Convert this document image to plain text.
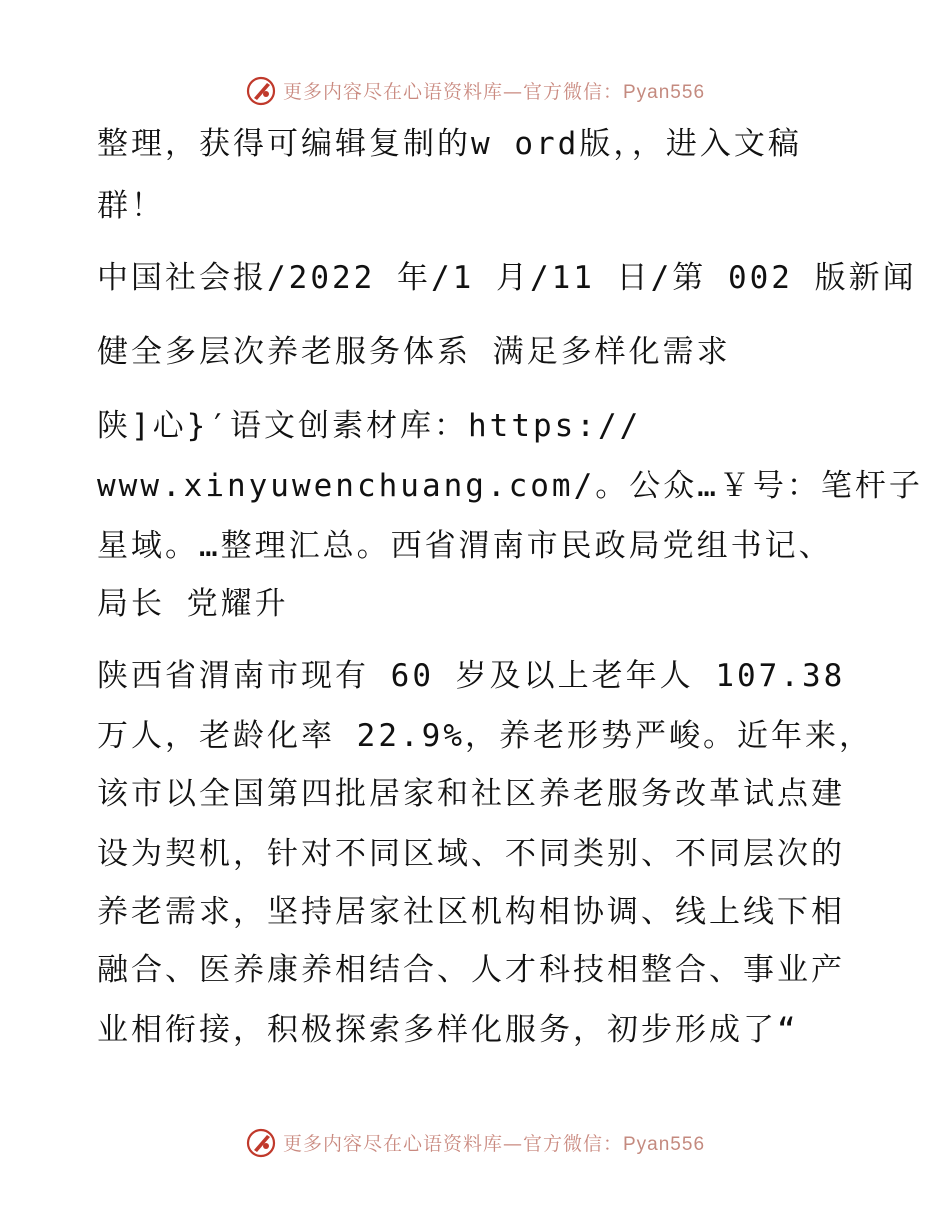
更多内容尽在心语资料库—官方微信：Pyan556
整理，获得可编辑复制的w ord版，，进入文稿
群！
中国社会报/2022 年/1 月/11 日/第 002 版新闻
健全多层次养老服务体系 满足多样化需求
陕]心}′语文创素材库：https://
www.xinyuwenchuang.com/。公众…￥号：笔杆子
星域。…整理汇总。西省渭南市民政局党组书记、
局长 党耀升
陕西省渭南市现有 60 岁及以上老年人 107.38
万人，老龄化率 22.9%，养老形势严峻。近年来，
该市以全国第四批居家和社区养老服务改革试点建
设为契机，针对不同区域、不同类别、不同层次的
养老需求，坚持居家社区机构相协调、线上线下相
融合、医养康养相结合、人才科技相整合、事业产
业相衔接，积极探索多样化服务，初步形成了“
更多内容尽在心语资料库—官方微信：Pyan556
